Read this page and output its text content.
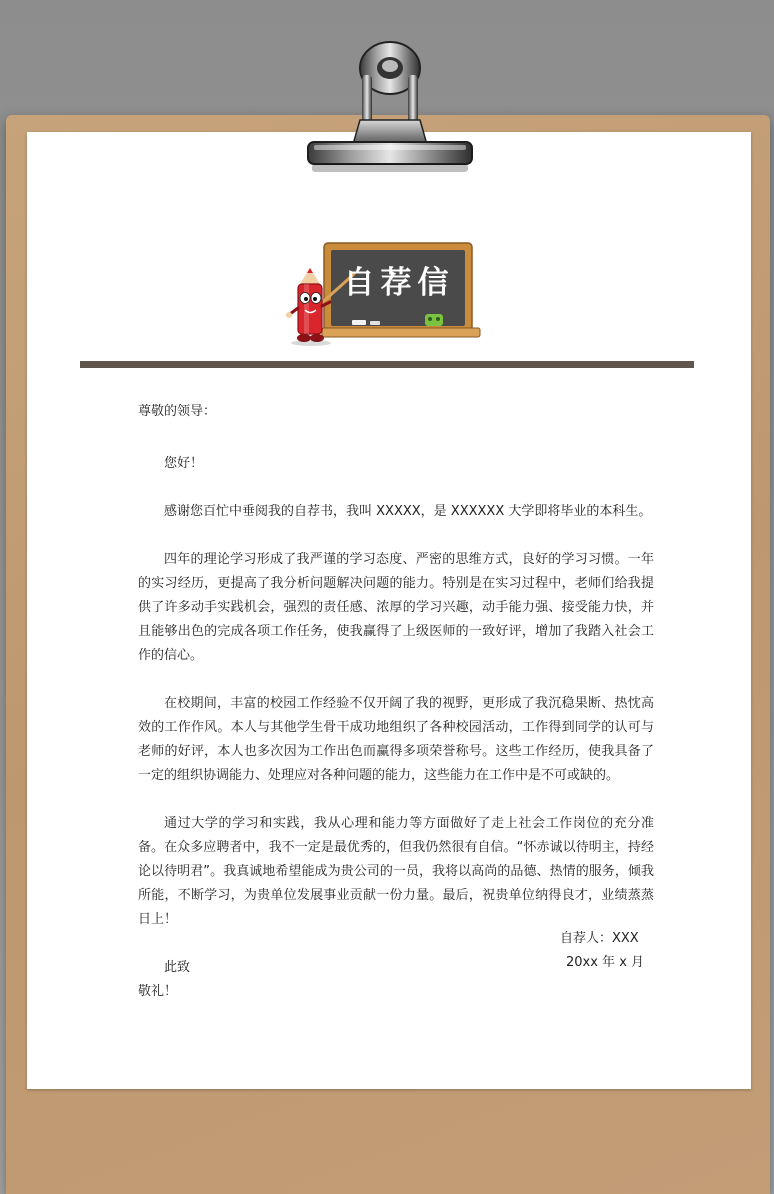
自荐信

尊敬的领导：

您好！

感谢您百忙中垂阅我的自荐书，我叫 XXXXX，是 XXXXXX 大学即将毕业的本科生。

四年的理论学习形成了我严谨的学习态度、严密的思维方式，良好的学习习惯。一年的实习经历，更提高了我分析问题解决问题的能力。特别是在实习过程中，老师们给我提供了许多动手实践机会，强烈的责任感、浓厚的学习兴趣，动手能力强、接受能力快，并且能够出色的完成各项工作任务，使我赢得了上级医师的一致好评，增加了我踏入社会工作的信心。

在校期间，丰富的校园工作经验不仅开阔了我的视野，更形成了我沉稳果断、热忱高效的工作作风。本人与其他学生骨干成功地组织了各种校园活动，工作得到同学的认可与老师的好评，本人也多次因为工作出色而赢得多项荣誉称号。这些工作经历，使我具备了一定的组织协调能力、处理应对各种问题的能力，这些能力在工作中是不可或缺的。

通过大学的学习和实践，我从心理和能力等方面做好了走上社会工作岗位的充分准备。在众多应聘者中，我不一定是最优秀的，但我仍然很有自信。“怀赤诚以待明主，持经论以待明君”。我真诚地希望能成为贵公司的一员，我将以高尚的品德、热情的服务，倾我所能，不断学习，为贵单位发展事业贡献一份力量。最后，祝贵单位纳得良才，业绩蒸蒸日上！

此致

敬礼！

自荐人：XXX
20xx 年 x 月
